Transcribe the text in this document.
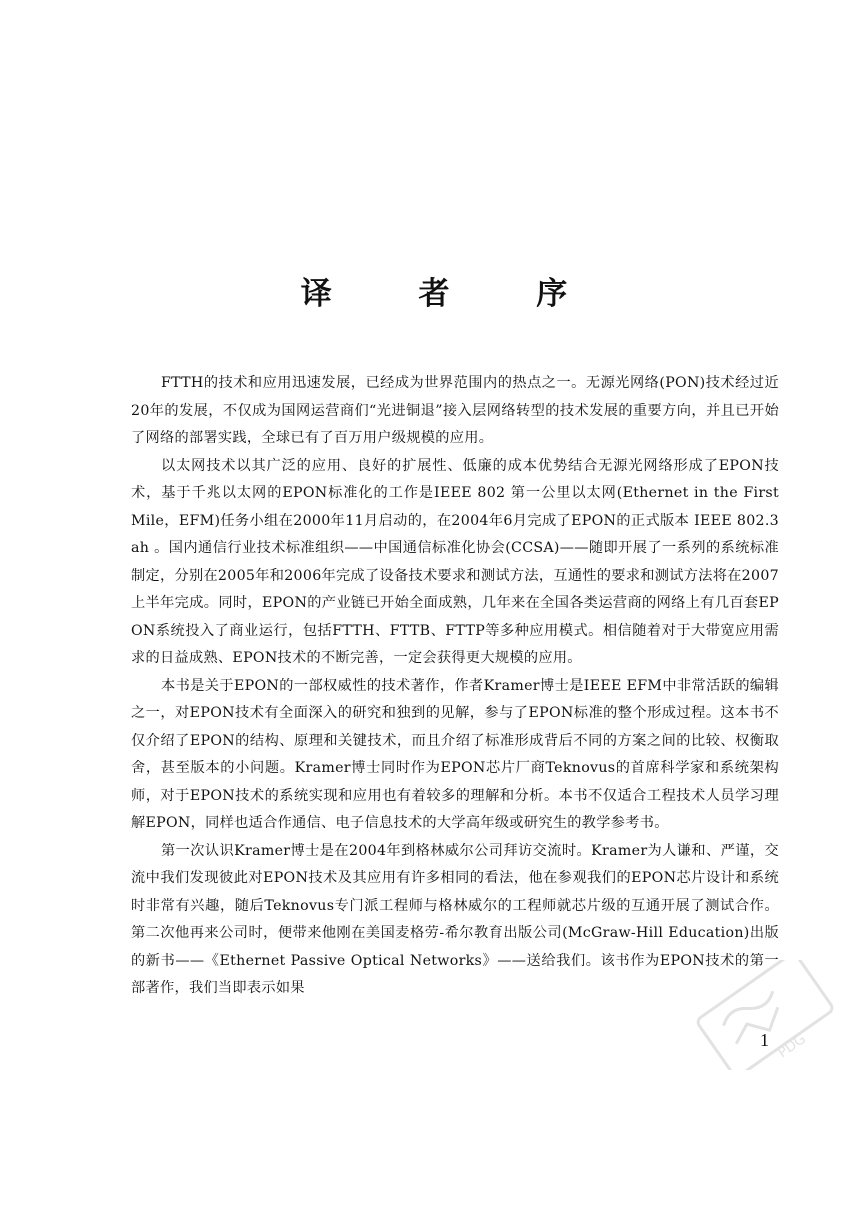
译 者 序

FTTH的技术和应用迅速发展，已经成为世界范围内的热点之一。无源光网络(PON)技术经过近20年的发展，不仅成为国网运营商们“光进铜退”接入层网络转型的技术发展的重要方向，并且已开始了网络的部署实践，全球已有了百万用户级规模的应用。

以太网技术以其广泛的应用、良好的扩展性、低廉的成本优势结合无源光网络形成了EPON技术，基于千兆以太网的EPON标准化的工作是IEEE 802 第一公里以太网(Ethernet in the First Mile，EFM)任务小组在2000年11月启动的，在2004年6月完成了EPON的正式版本 IEEE 802.3ah 。国内通信行业技术标准组织——中国通信标准化协会(CCSA)——随即开展了一系列的系统标准制定，分别在2005年和2006年完成了设备技术要求和测试方法，互通性的要求和测试方法将在2007上半年完成。同时，EPON的产业链已开始全面成熟，几年来在全国各类运营商的网络上有几百套EPON系统投入了商业运行，包括FTTH、FTTB、FTTP等多种应用模式。相信随着对于大带宽应用需求的日益成熟、EPON技术的不断完善，一定会获得更大规模的应用。

本书是关于EPON的一部权威性的技术著作，作者Kramer博士是IEEE EFM中非常活跃的编辑之一，对EPON技术有全面深入的研究和独到的见解，参与了EPON标准的整个形成过程。这本书不仅介绍了EPON的结构、原理和关键技术，而且介绍了标准形成背后不同的方案之间的比较、权衡取舍，甚至版本的小问题。Kramer博士同时作为EPON芯片厂商Teknovus的首席科学家和系统架构师，对于EPON技术的系统实现和应用也有着较多的理解和分析。本书不仅适合工程技术人员学习理解EPON，同样也适合作通信、电子信息技术的大学高年级或研究生的教学参考书。

第一次认识Kramer博士是在2004年到格林威尔公司拜访交流时。Kramer为人谦和、严谨，交流中我们发现彼此对EPON技术及其应用有许多相同的看法，他在参观我们的EPON芯片设计和系统时非常有兴趣，随后Teknovus专门派工程师与格林威尔的工程师就芯片级的互通开展了测试合作。第二次他再来公司时，便带来他刚在美国麦格劳-希尔教育出版公司(McGraw-Hill Education)出版的新书——《Ethernet Passive Optical Networks》——送给我们。该书作为EPON技术的第一部著作，我们当即表示如果

1 PDG
